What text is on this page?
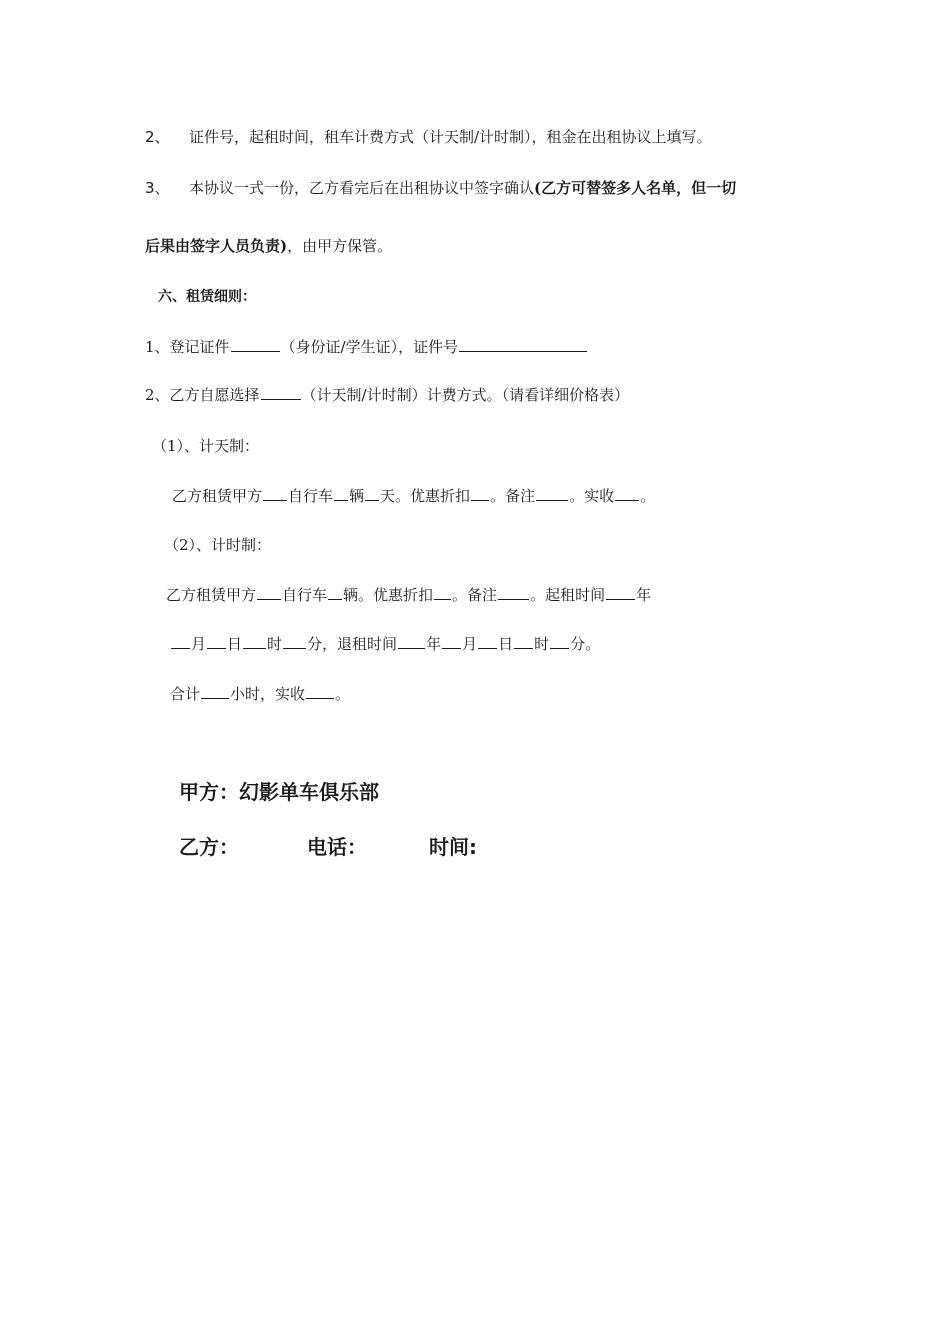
2、 证件号，起租时间，租车计费方式（计天制/计时制），租金在出租协议上填写。
3、 本协议一式一份，乙方看完后在出租协议中签字确认(乙方可替签多人名单，但一切
后果由签字人员负责)，由甲方保管。
六、租赁细则：
1、登记证件	（身份证/学生证），证件号
2、乙方自愿选择	（计天制/计时制）计费方式。（请看详细价格表）
（1）、计天制：
乙方租赁甲方 自行车 辆 天。优惠折扣 。备注 。实收 。
（2）、计时制：
乙方租赁甲方 自行车 辆。优惠折扣 。备注 。起租时间 年
月 日 时 分，退租时间 年 月 日 时 分。
合计 小时，实收 。
甲方：幻影单车俱乐部
乙方：	电话：	时间:
